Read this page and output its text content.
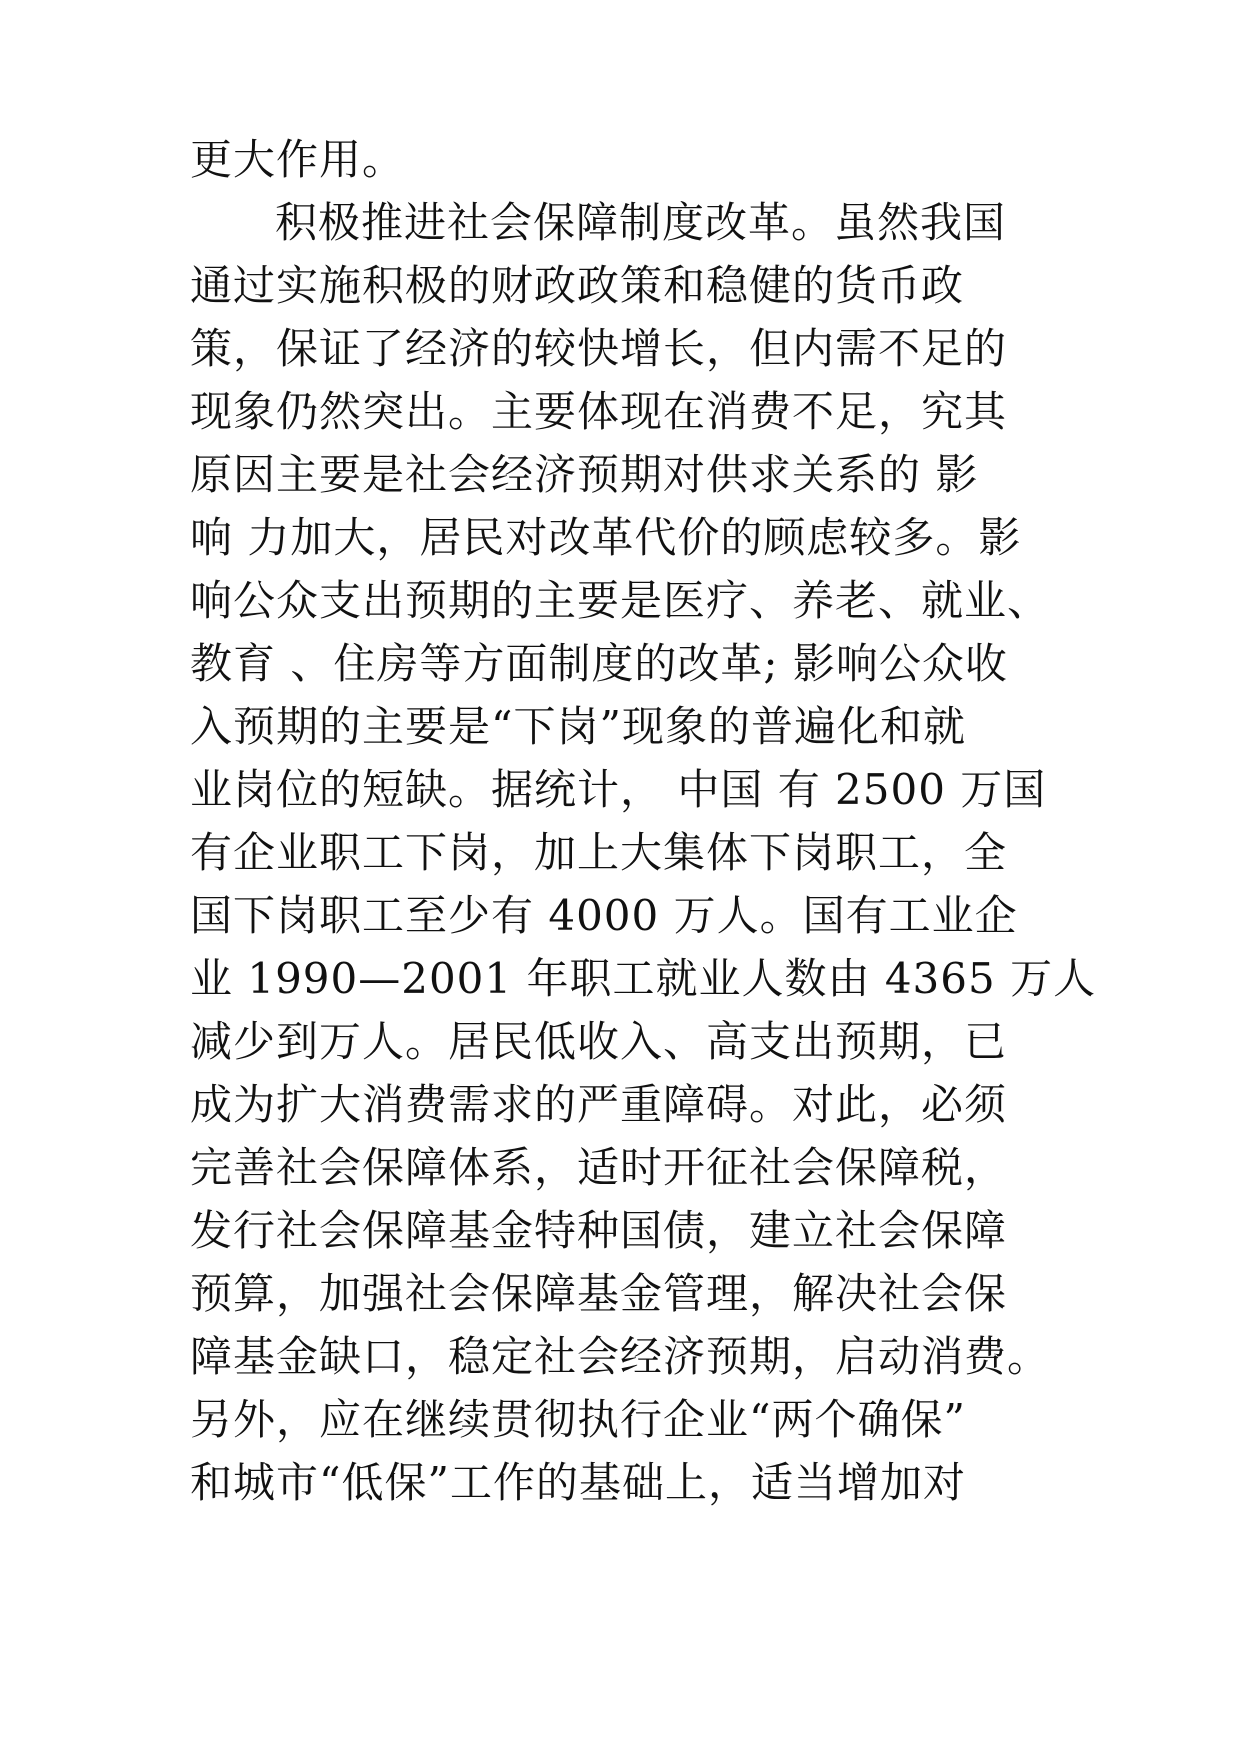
更大作用。
积极推进社会保障制度改革。虽然我国
通过实施积极的财政政策和稳健的货币政
策，保证了经济的较快增长，但内需不足的
现象仍然突出。主要体现在消费不足，究其
原因主要是社会经济预期对供求关系的 影
响 力加大，居民对改革代价的顾虑较多。影
响公众支出预期的主要是医疗、养老、就业、
教育 、住房等方面制度的改革; 影响公众收
入预期的主要是“下岗”现象的普遍化和就
业岗位的短缺。据统计， 中国 有 2500 万国
有企业职工下岗，加上大集体下岗职工，全
国下岗职工至少有 4000 万人。国有工业企
业 1990—2001 年职工就业人数由 4365 万人
减少到万人。居民低收入、高支出预期，已
成为扩大消费需求的严重障碍。对此，必须
完善社会保障体系，适时开征社会保障税，
发行社会保障基金特种国债，建立社会保障
预算，加强社会保障基金管理，解决社会保
障基金缺口，稳定社会经济预期，启动消费。
另外，应在继续贯彻执行企业“两个确保”
和城市“低保”工作的基础上，适当增加对
